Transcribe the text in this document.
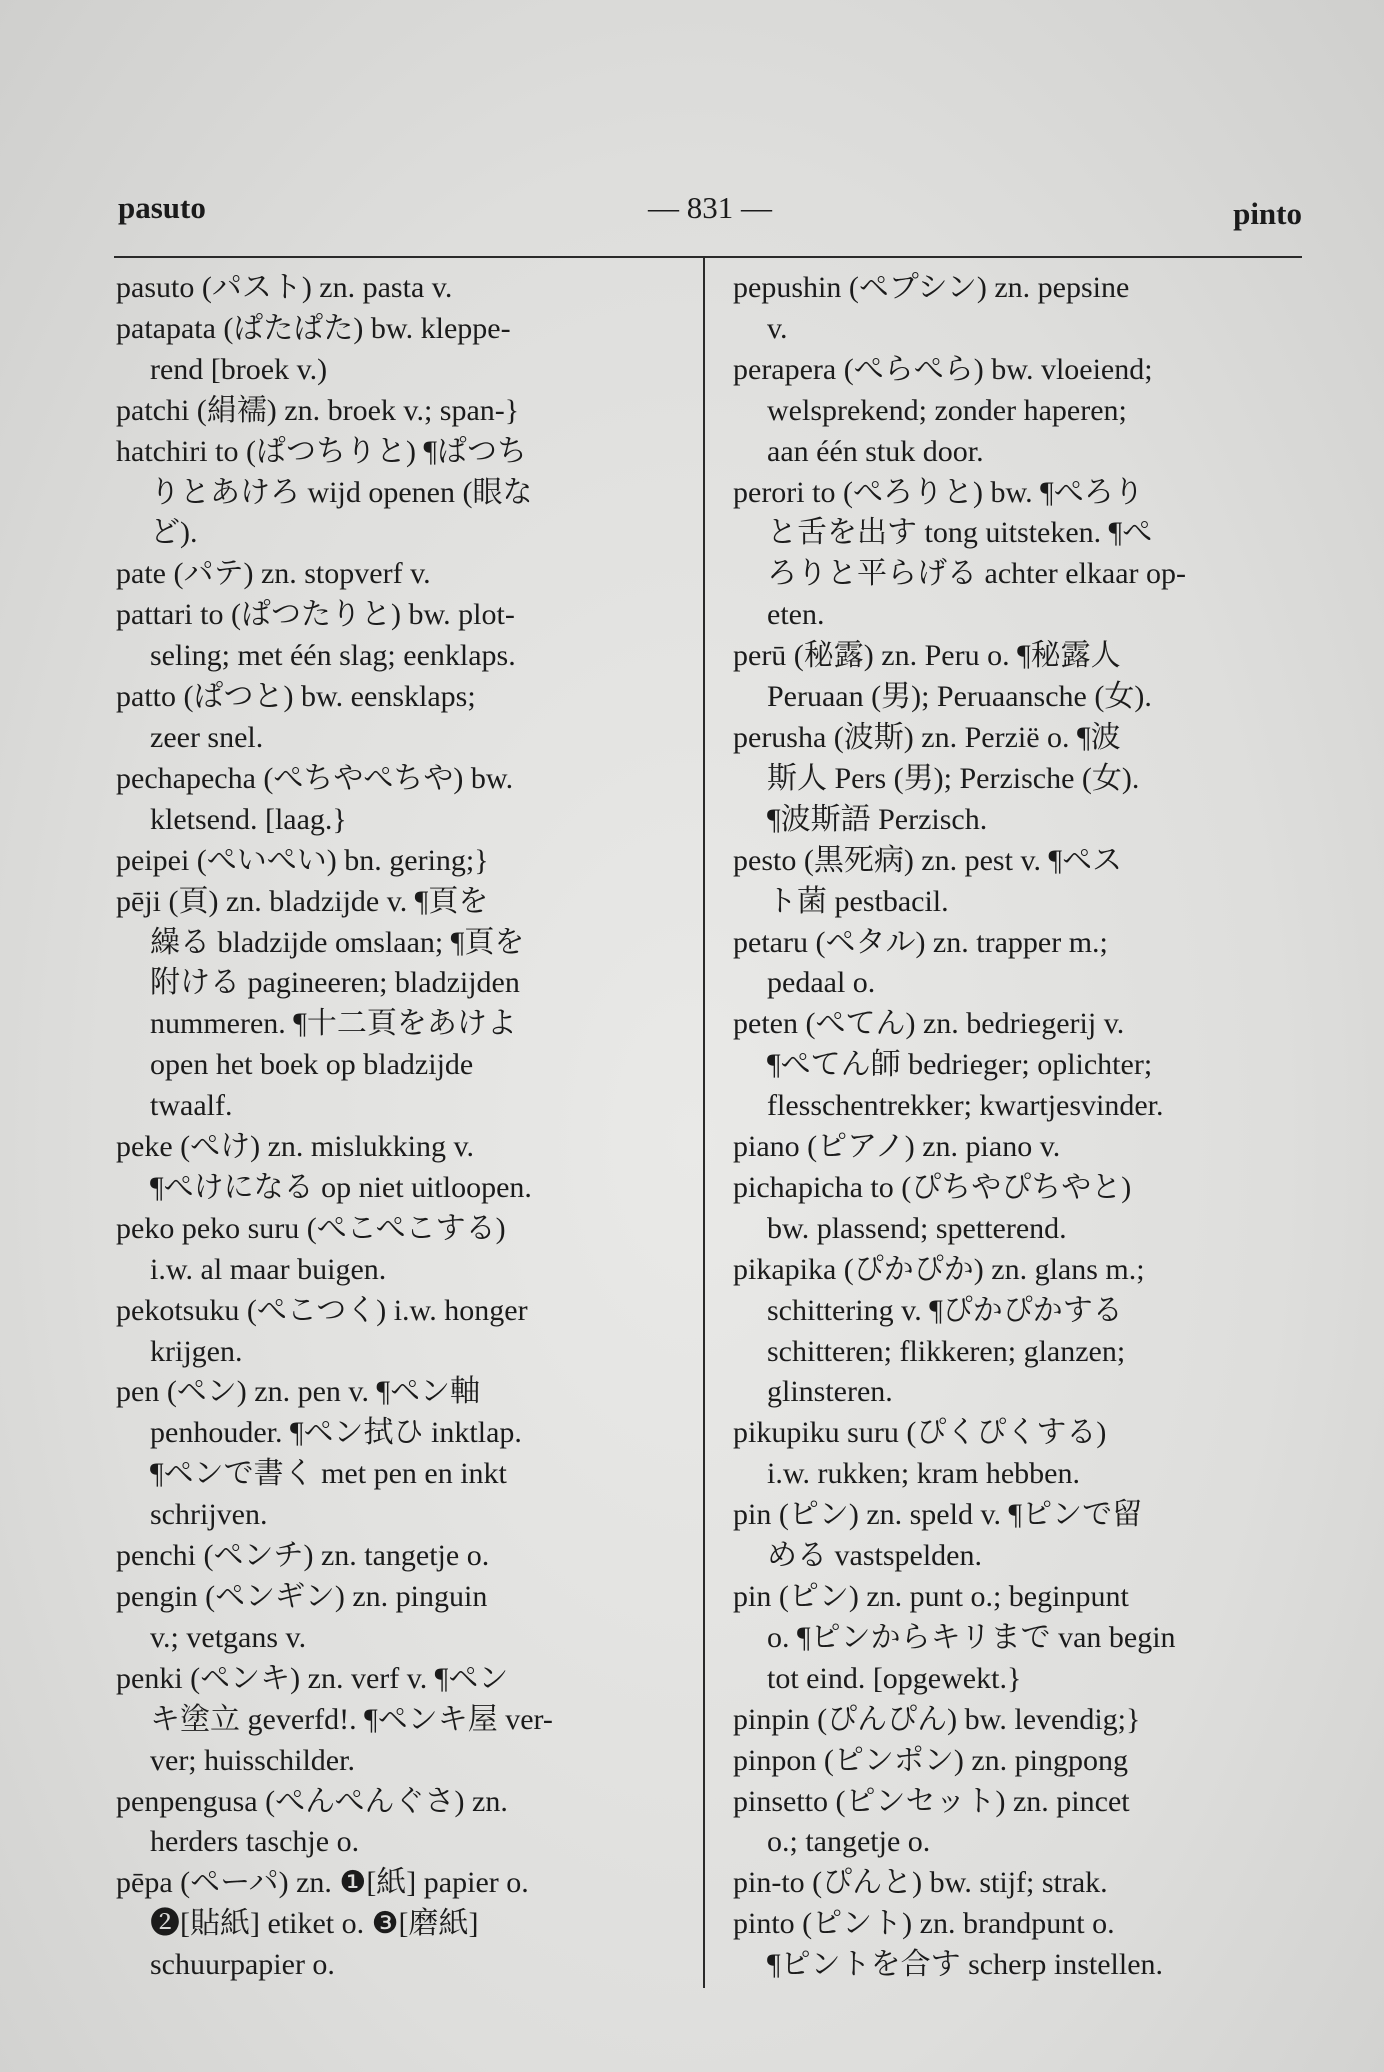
pasuto	— 831 —	pinto
pasuto (パスト) zn. pasta v.
patapata (ぱたぱた) bw. kleppe-
rend [broek v.)
patchi (絹襦) zn. broek v.; span-}
hatchiri to (ぱつちりと) ¶ぱつち
りとあけろ wijd openen (眼な
ど).
pate (パテ) zn. stopverf v.
pattari to (ぱつたりと) bw. plot-
seling; met één slag; eenklaps.
patto (ぱつと) bw. eensklaps;
zeer snel.
pechapecha (ぺちやぺちや) bw.
kletsend. [laag.}
peipei (ぺいぺい) bn. gering;}
pēji (頁) zn. bladzijde v. ¶頁を
繰る bladzijde omslaan; ¶頁を
附ける pagineeren; bladzijden
nummeren. ¶十二頁をあけよ
open het boek op bladzijde
twaalf.
peke (ぺけ) zn. mislukking v.
¶ぺけになる op niet uitloopen.
peko peko suru (ぺこぺこする)
i.w. al maar buigen.
pekotsuku (ぺこつく) i.w. honger
krijgen.
pen (ペン) zn. pen v. ¶ペン軸
penhouder. ¶ペン拭ひ inktlap.
¶ペンで書く met pen en inkt
schrijven.
penchi (ペンチ) zn. tangetje o.
pengin (ペンギン) zn. pinguin
v.; vetgans v.
penki (ペンキ) zn. verf v. ¶ペン
キ塗立 geverfd!. ¶ペンキ屋 ver-
ver; huisschilder.
penpengusa (ぺんぺんぐさ) zn.
herders taschje o.
pēpa (ペーパ) zn. ❶[紙] papier o.
❷[貼紙] etiket o. ❸[磨紙]
schuurpapier o.
pepushin (ペプシン) zn. pepsine
v.
perapera (ぺらぺら) bw. vloeiend;
welsprekend; zonder haperen;
aan één stuk door.
perori to (ぺろりと) bw. ¶ぺろり
と舌を出す tong uitsteken. ¶ぺ
ろりと平らげる achter elkaar op-
eten.
perū (秘露) zn. Peru o. ¶秘露人
Peruaan (男); Peruaansche (女).
perusha (波斯) zn. Perzië o. ¶波
斯人 Pers (男); Perzische (女).
¶波斯語 Perzisch.
pesto (黒死病) zn. pest v. ¶ペス
ト菌 pestbacil.
petaru (ペタル) zn. trapper m.;
pedaal o.
peten (ぺてん) zn. bedriegerij v.
¶ぺてん師 bedrieger; oplichter;
flesschentrekker; kwartjesvinder.
piano (ピアノ) zn. piano v.
pichapicha to (ぴちやぴちやと)
bw. plassend; spetterend.
pikapika (ぴかぴか) zn. glans m.;
schittering v. ¶ぴかぴかする
schitteren; flikkeren; glanzen;
glinsteren.
pikupiku suru (ぴくぴくする)
i.w. rukken; kram hebben.
pin (ピン) zn. speld v. ¶ピンで留
める vastspelden.
pin (ピン) zn. punt o.; beginpunt
o. ¶ピンからキリまで van begin
tot eind. [opgewekt.}
pinpin (ぴんぴん) bw. levendig;}
pinpon (ピンポン) zn. pingpong
pinsetto (ピンセット) zn. pincet
o.; tangetje o.
pin-to (ぴんと) bw. stijf; strak.
pinto (ピント) zn. brandpunt o.
¶ピントを合す scherp instellen.
